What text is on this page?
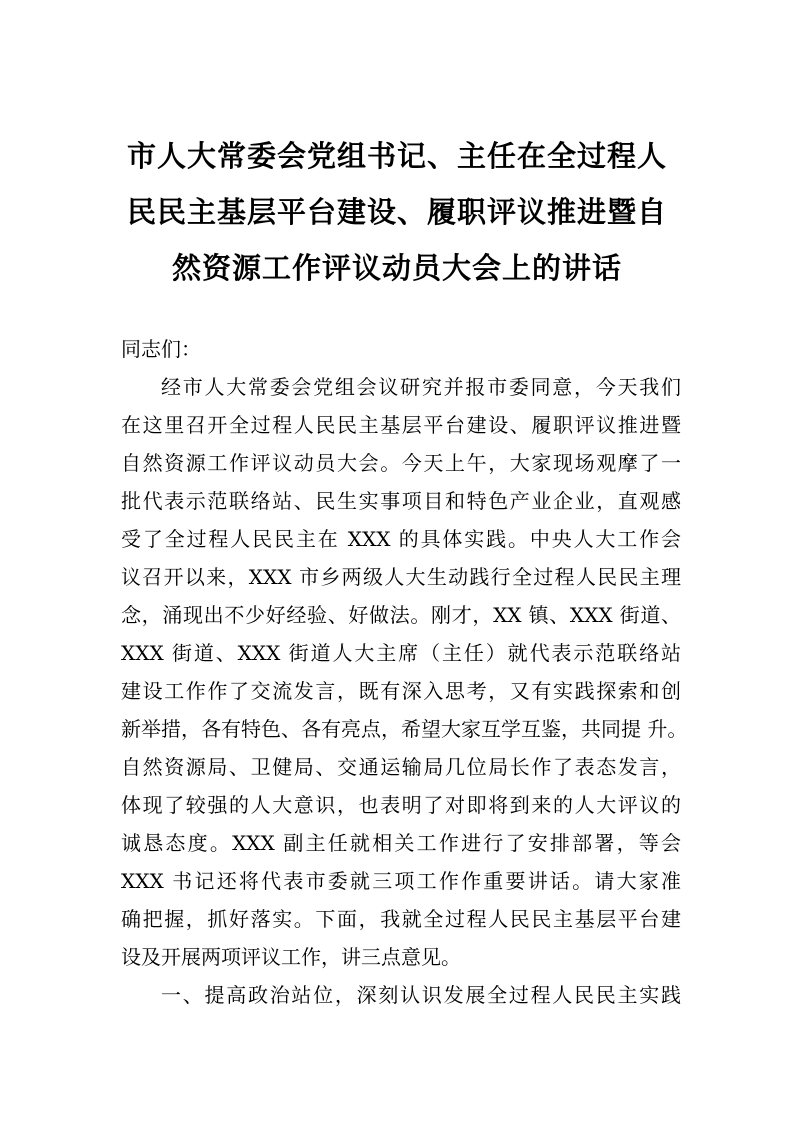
市人大常委会党组书记、主任在全过程人
民民主基层平台建设、履职评议推进暨自
然资源工作评议动员大会上的讲话
同志们：
经市人大常委会党组会议研究并报市委同意，今天我们
在这里召开全过程人民民主基层平台建设、履职评议推进暨
自然资源工作评议动员大会。今天上午，大家现场观摩了一
批代表示范联络站、民生实事项目和特色产业企业，直观感
受了全过程人民民主在 XXX 的具体实践。中央人大工作会
议召开以来，XXX 市乡两级人大生动践行全过程人民民主理
念，涌现出不少好经验、好做法。刚才，XX 镇、XXX 街道、
XXX 街道、XXX 街道人大主席（主任）就代表示范联络站
建设工作作了交流发言，既有深入思考，又有实践探索和创
新举措，各有特色、各有亮点，希望大家互学互鉴，共同提 升。
自然资源局、卫健局、交通运输局几位局长作了表态发言，
体现了较强的人大意识，也表明了对即将到来的人大评议的
诚恳态度。XXX 副主任就相关工作进行了安排部署，等会
XXX 书记还将代表市委就三项工作作重要讲话。请大家准
确把握，抓好落实。下面，我就全过程人民民主基层平台建
设及开展两项评议工作，讲三点意见。
一、提高政治站位，深刻认识发展全过程人民民主实践
